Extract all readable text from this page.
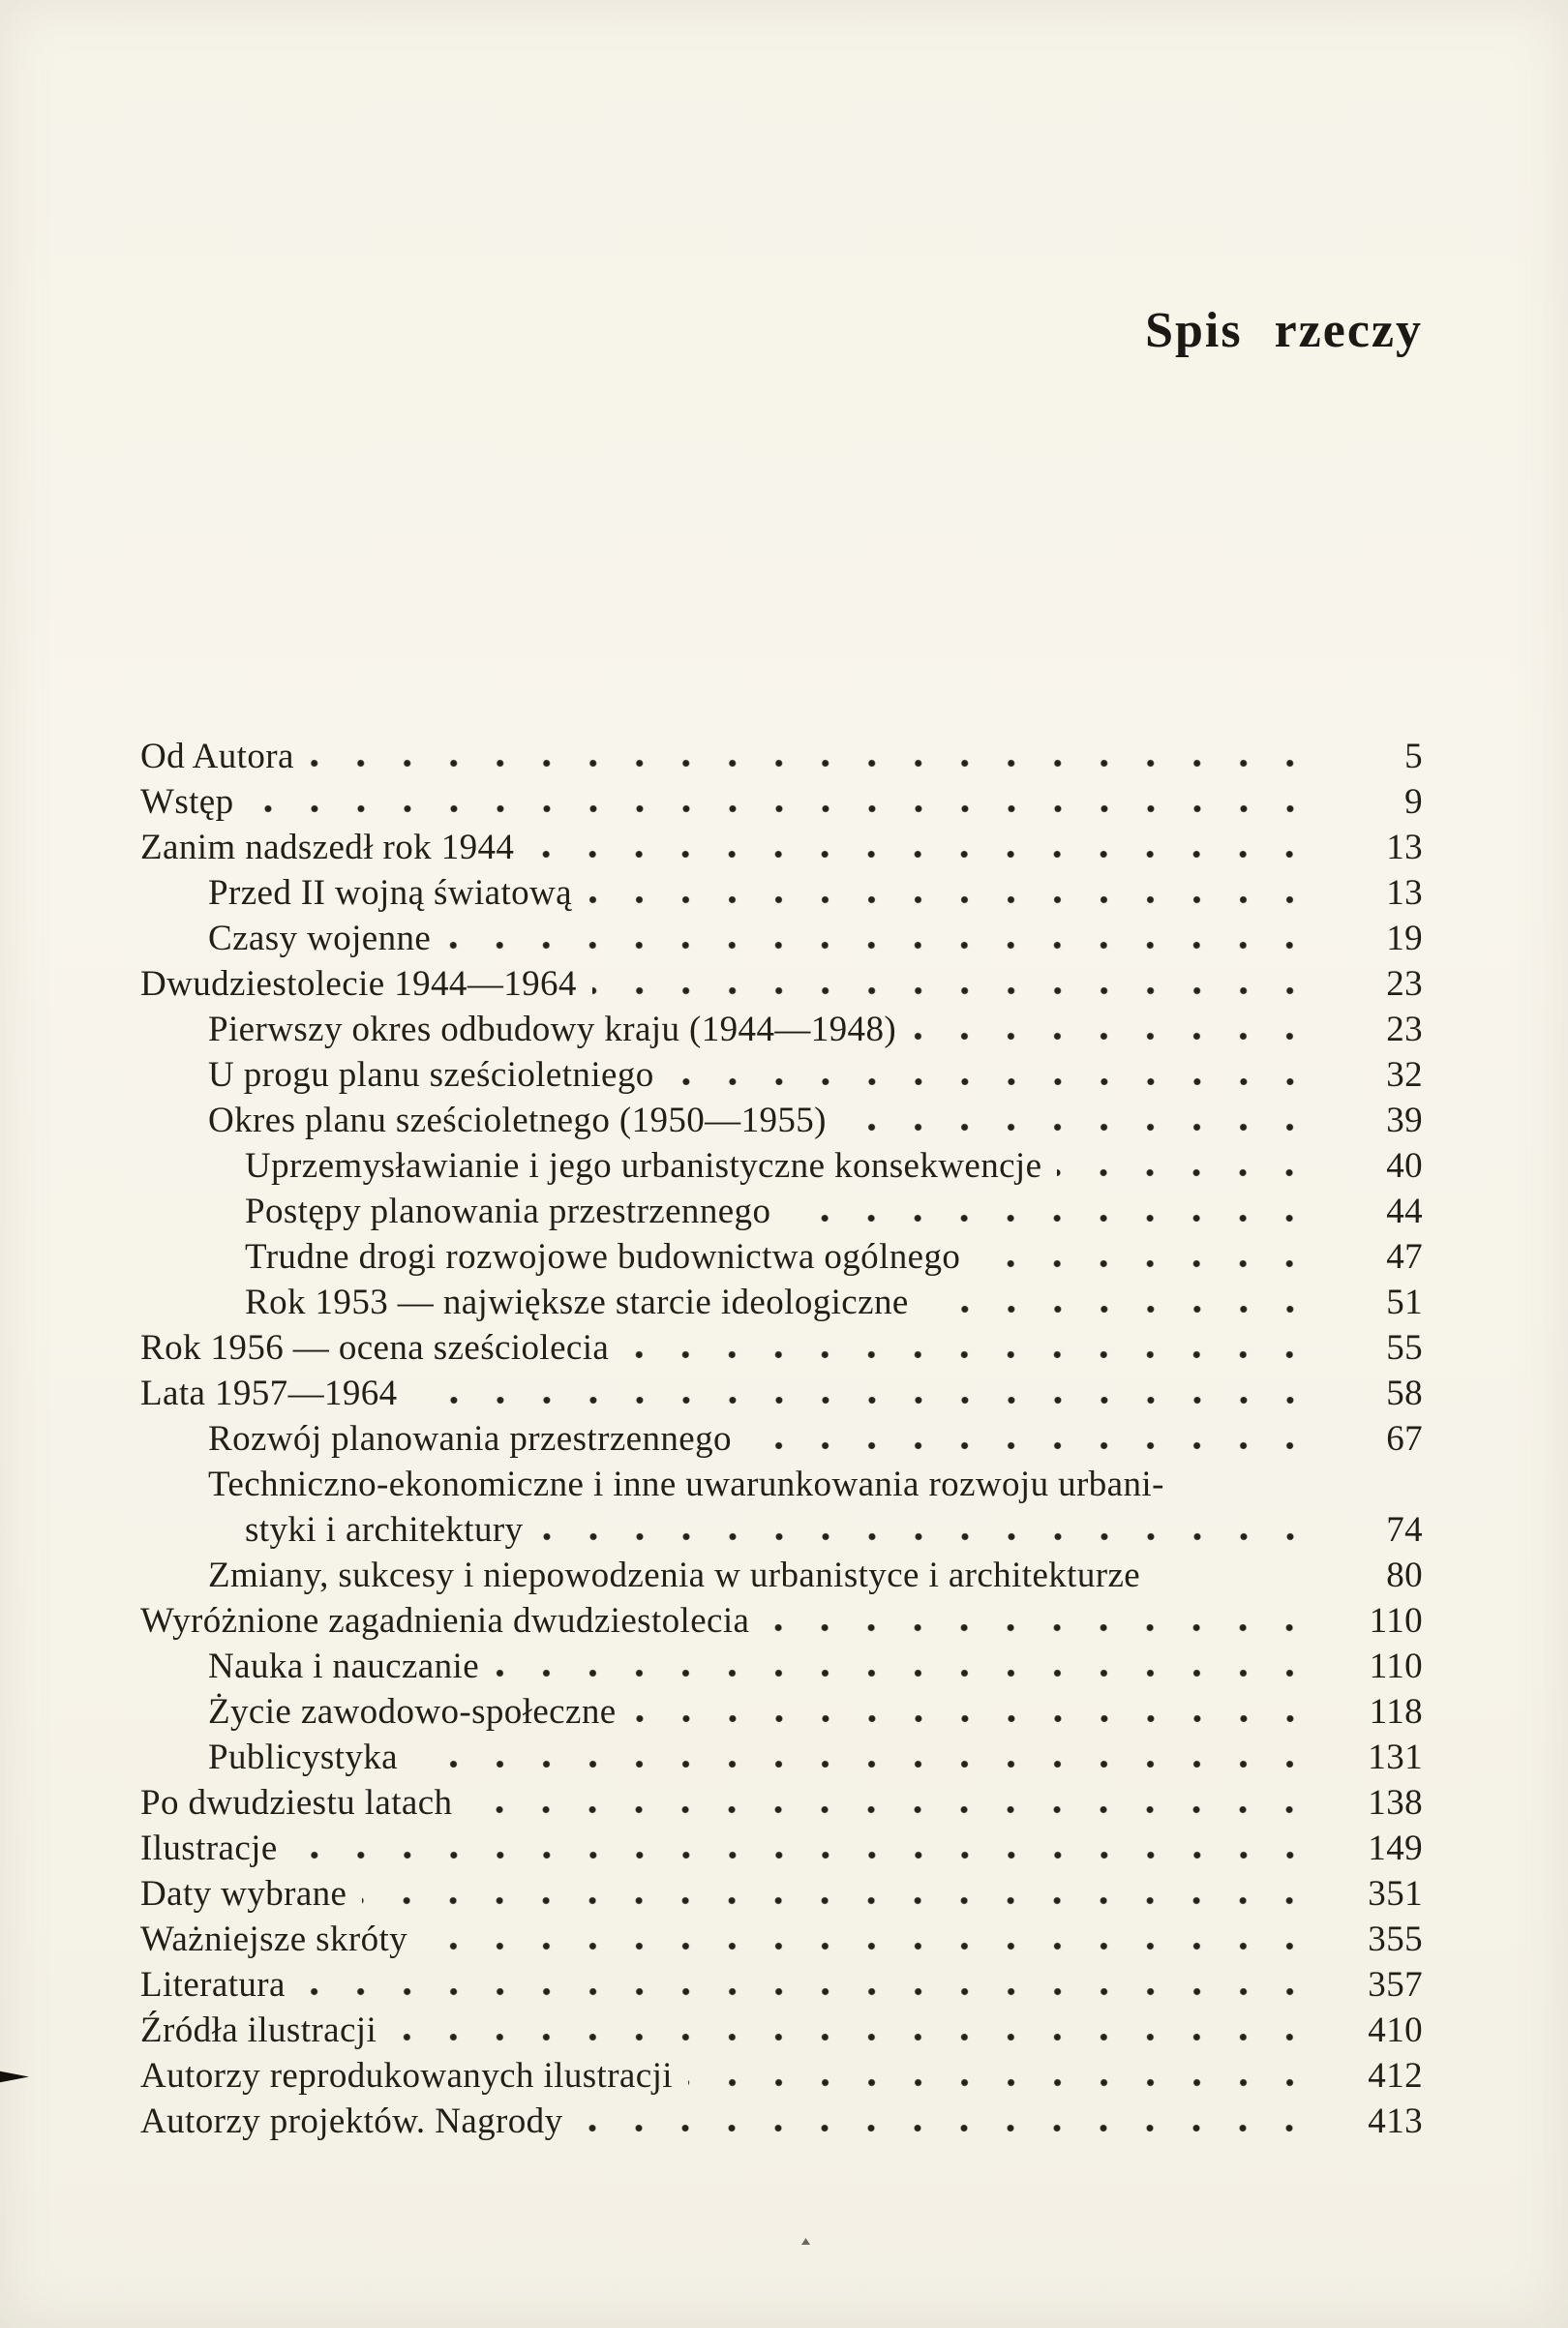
Spis rzeczy
Od Autora	5
Wstęp	9
Zanim nadszedł rok 1944	13
Przed II wojną światową	13
Czasy wojenne	19
Dwudziestolecie 1944—1964	23
Pierwszy okres odbudowy kraju (1944—1948)	23
U progu planu sześcioletniego	32
Okres planu sześcioletnego (1950—1955)	39
Uprzemysławianie i jego urbanistyczne konsekwencje	40
Postępy planowania przestrzennego	44
Trudne drogi rozwojowe budownictwa ogólnego	47
Rok 1953 — największe starcie ideologiczne	51
Rok 1956 — ocena sześciolecia	55
Lata 1957—1964	58
Rozwój planowania przestrzennego	67
Techniczno-ekonomiczne i inne uwarunkowania rozwoju urbani-
styki i architektury	74
Zmiany, sukcesy i niepowodzenia w urbanistyce i architekturze	80
Wyróżnione zagadnienia dwudziestolecia	110
Nauka i nauczanie	110
Życie zawodowo-społeczne	118
Publicystyka	131
Po dwudziestu latach	138
Ilustracje	149
Daty wybrane	351
Ważniejsze skróty	355
Literatura	357
Źródła ilustracji	410
Autorzy reprodukowanych ilustracji	412
Autorzy projektów. Nagrody	413
